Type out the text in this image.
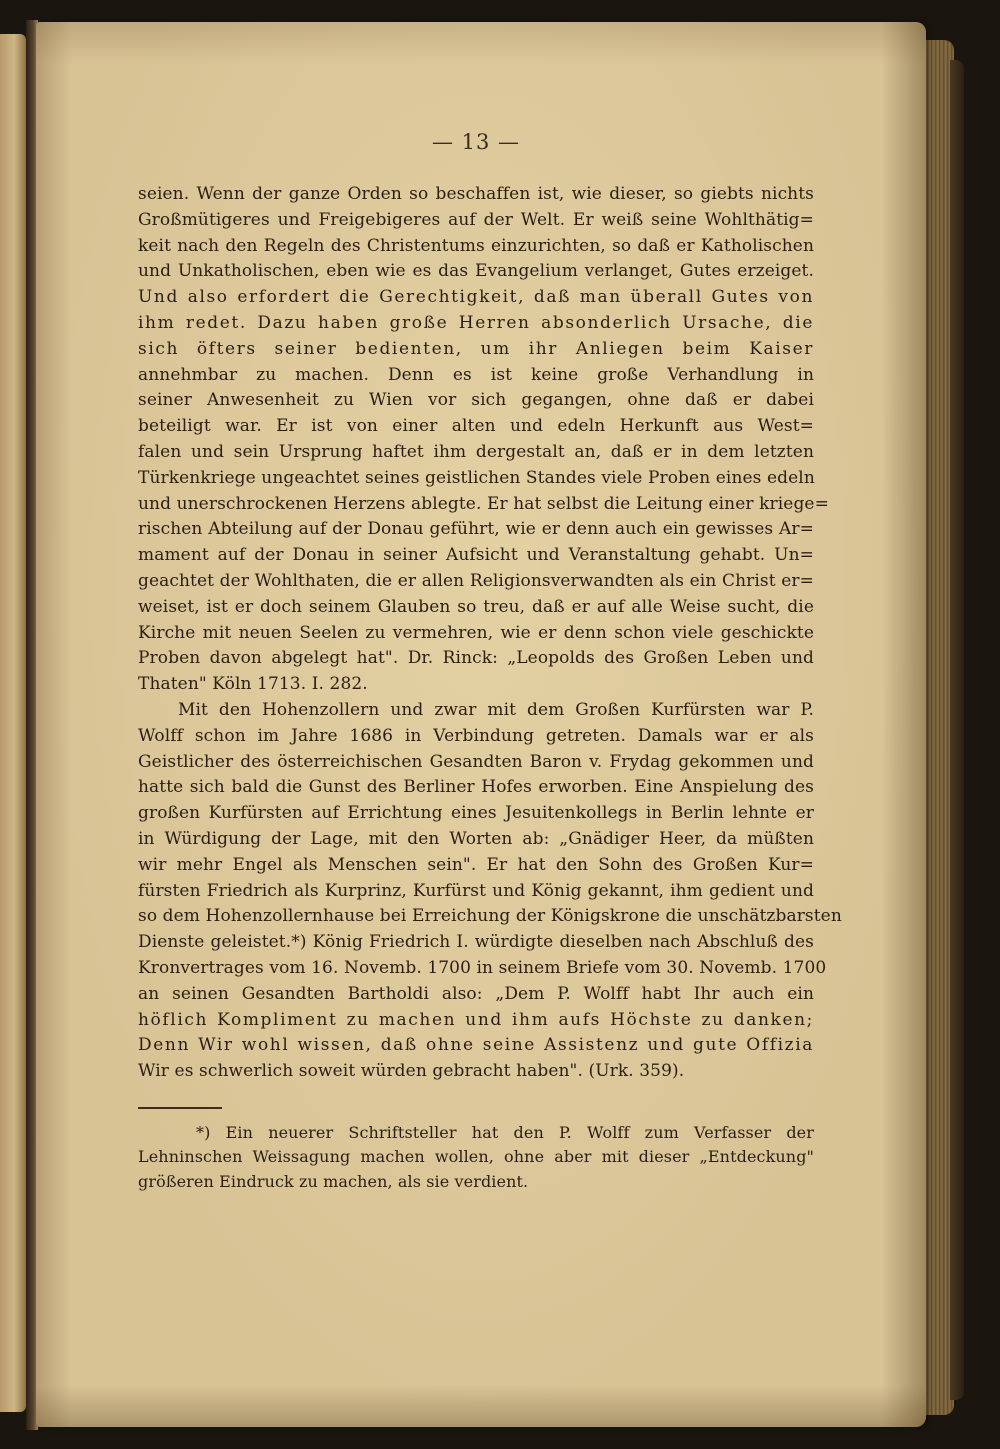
— 13 —
seien. Wenn der ganze Orden so beschaffen ist, wie dieser, so giebts nichts
Großmütigeres und Freigebigeres auf der Welt. Er weiß seine Wohlthätig=
keit nach den Regeln des Christentums einzurichten, so daß er Katholischen
und Unkatholischen, eben wie es das Evangelium verlanget, Gutes erzeiget.
Und also erfordert die Gerechtigkeit, daß man überall Gutes von
ihm redet. Dazu haben große Herren absonderlich Ursache, die
sich öfters seiner bedienten, um ihr Anliegen beim Kaiser
annehmbar zu machen. Denn es ist keine große Verhandlung in
seiner Anwesenheit zu Wien vor sich gegangen, ohne daß er dabei
beteiligt war. Er ist von einer alten und edeln Herkunft aus West=
falen und sein Ursprung haftet ihm dergestalt an, daß er in dem letzten
Türkenkriege ungeachtet seines geistlichen Standes viele Proben eines edeln
und unerschrockenen Herzens ablegte. Er hat selbst die Leitung einer kriege=
rischen Abteilung auf der Donau geführt, wie er denn auch ein gewisses Ar=
mament auf der Donau in seiner Aufsicht und Veranstaltung gehabt. Un=
geachtet der Wohlthaten, die er allen Religionsverwandten als ein Christ er=
weiset, ist er doch seinem Glauben so treu, daß er auf alle Weise sucht, die
Kirche mit neuen Seelen zu vermehren, wie er denn schon viele geschickte
Proben davon abgelegt hat". Dr. Rinck: „Leopolds des Großen Leben und
Thaten" Köln 1713. I. 282.
Mit den Hohenzollern und zwar mit dem Großen Kurfürsten war P.
Wolff schon im Jahre 1686 in Verbindung getreten. Damals war er als
Geistlicher des österreichischen Gesandten Baron v. Frydag gekommen und
hatte sich bald die Gunst des Berliner Hofes erworben. Eine Anspielung des
großen Kurfürsten auf Errichtung eines Jesuitenkollegs in Berlin lehnte er
in Würdigung der Lage, mit den Worten ab: „Gnädiger Heer, da müßten
wir mehr Engel als Menschen sein". Er hat den Sohn des Großen Kur=
fürsten Friedrich als Kurprinz, Kurfürst und König gekannt, ihm gedient und
so dem Hohenzollernhause bei Erreichung der Königskrone die unschätzbarsten
Dienste geleistet.*) König Friedrich I. würdigte dieselben nach Abschluß des
Kronvertrages vom 16. Novemb. 1700 in seinem Briefe vom 30. Novemb. 1700
an seinen Gesandten Bartholdi also: „Dem P. Wolff habt Ihr auch ein
höflich Kompliment zu machen und ihm aufs Höchste zu danken;
Denn Wir wohl wissen, daß ohne seine Assistenz und gute Offizia
Wir es schwerlich soweit würden gebracht haben". (Urk. 359).
*) Ein neuerer Schriftsteller hat den P. Wolff zum Verfasser der
Lehninschen Weissagung machen wollen, ohne aber mit dieser „Entdeckung"
größeren Eindruck zu machen, als sie verdient.
